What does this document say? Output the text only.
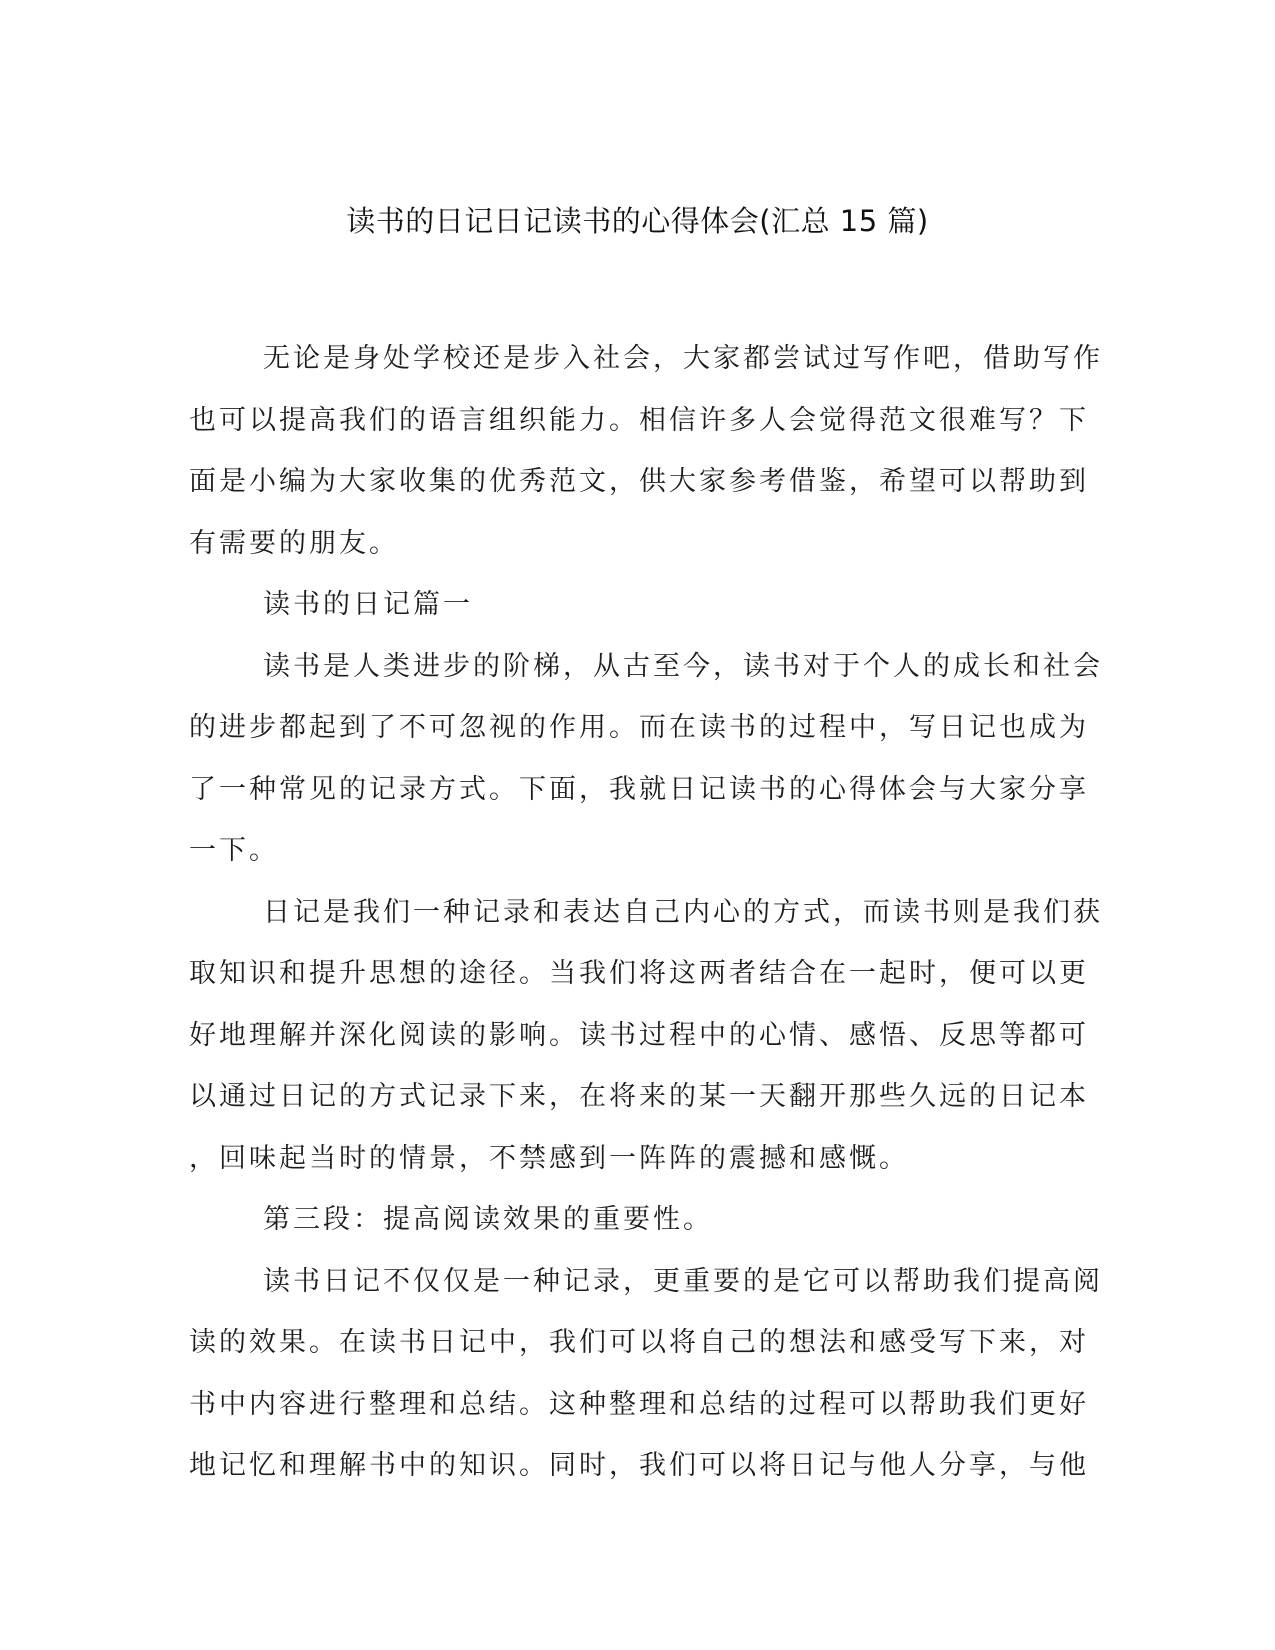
读书的日记日记读书的心得体会(汇总 15 篇)
无论是身处学校还是步入社会，大家都尝试过写作吧，借助写作
也可以提高我们的语言组织能力。相信许多人会觉得范文很难写？下
面是小编为大家收集的优秀范文，供大家参考借鉴，希望可以帮助到
有需要的朋友。
读书的日记篇一
读书是人类进步的阶梯，从古至今，读书对于个人的成长和社会
的进步都起到了不可忽视的作用。而在读书的过程中，写日记也成为
了一种常见的记录方式。下面，我就日记读书的心得体会与大家分享
一下。
日记是我们一种记录和表达自己内心的方式，而读书则是我们获
取知识和提升思想的途径。当我们将这两者结合在一起时，便可以更
好地理解并深化阅读的影响。读书过程中的心情、感悟、反思等都可
以通过日记的方式记录下来，在将来的某一天翻开那些久远的日记本
，回味起当时的情景，不禁感到一阵阵的震撼和感慨。
第三段：提高阅读效果的重要性。
读书日记不仅仅是一种记录，更重要的是它可以帮助我们提高阅
读的效果。在读书日记中，我们可以将自己的想法和感受写下来，对
书中内容进行整理和总结。这种整理和总结的过程可以帮助我们更好
地记忆和理解书中的知识。同时，我们可以将日记与他人分享，与他
